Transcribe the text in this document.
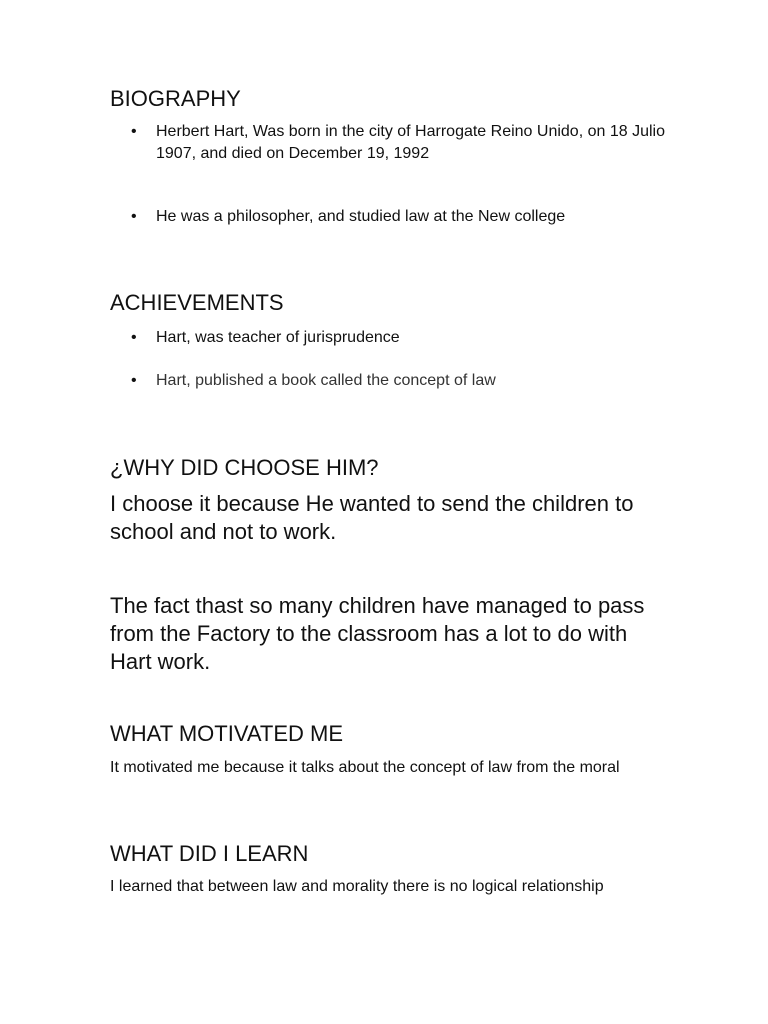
BIOGRAPHY
• Herbert Hart, Was born in the city of Harrogate Reino Unido, on 18 Julio 1907, and died on December 19, 1992
• He was a philosopher, and studied law at the New college
ACHIEVEMENTS
• Hart, was teacher of jurisprudence
• Hart, published a book called the concept of law
¿WHY DID CHOOSE HIM?
I choose it because He wanted to send the children to school and not to work.
The fact thast so many children have managed to pass from the Factory to the classroom has a lot to do with Hart work.
WHAT MOTIVATED ME
It motivated me because it talks about the concept of law from the moral
WHAT DID I LEARN
I learned that between law and morality there is no logical relationship
